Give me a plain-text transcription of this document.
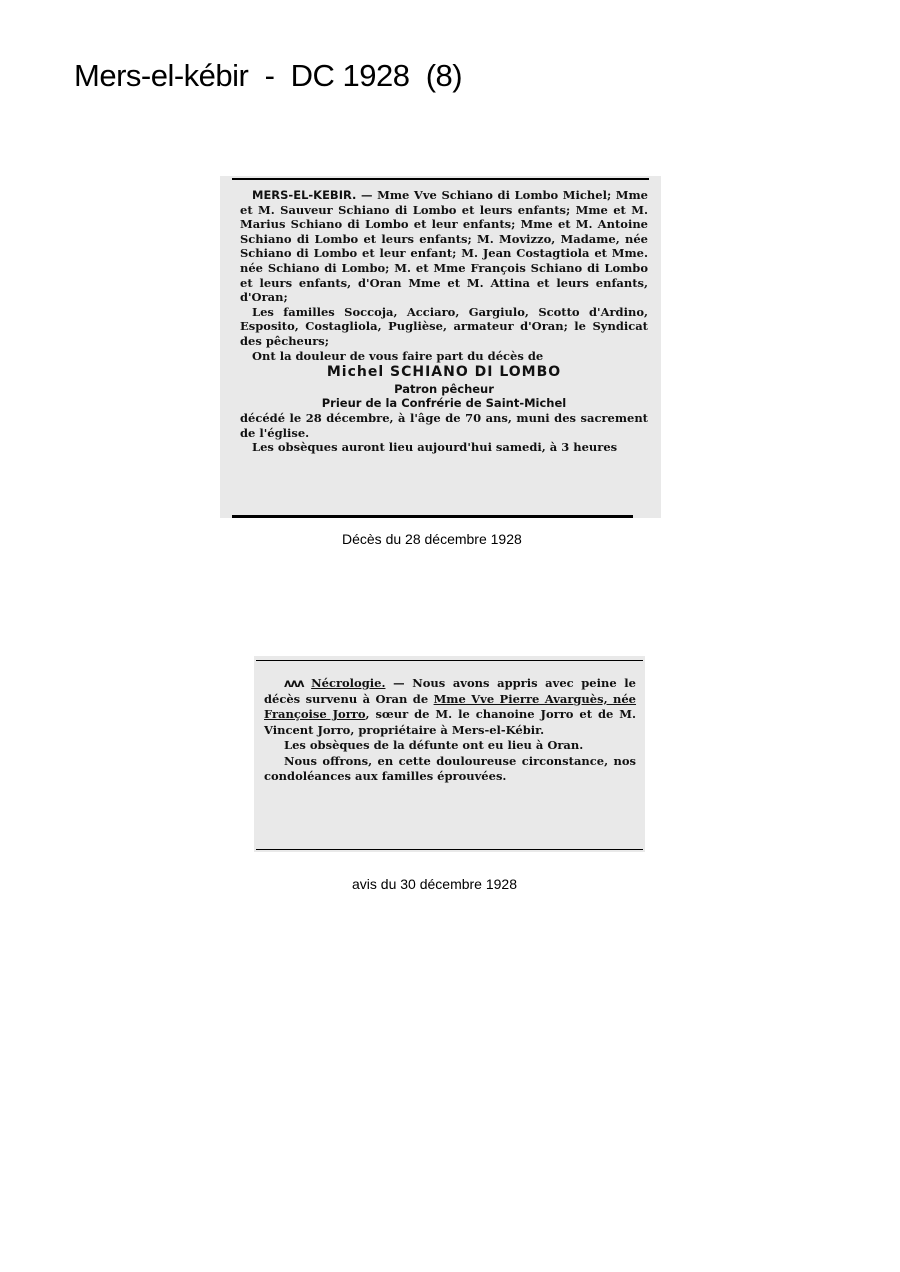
Mers-el-kébir  -  DC 1928  (8)

MERS-EL-KEBIR. — Mme Vve Schiano di Lombo Michel; Mme et M. Sauveur Schiano di Lombo et leurs enfants; Mme et M. Marius Schiano di Lombo et leur enfants; Mme et M. Antoine Schiano di Lombo et leurs enfants; M. Movizzo, Madame, née Schiano di Lombo et leur enfant; M. Jean Costagtiola et Mme. née Schiano di Lombo; M. et Mme François Schiano di Lombo et leurs enfants, d'Oran Mme et M. Attina et leurs enfants, d'Oran;

Les familles Soccoja, Acciaro, Gargiulo, Scotto d'Ardino, Esposito, Costagliola, Puglièse, armateur d'Oran; le Syndicat des pêcheurs;

Ont la douleur de vous faire part du décès de

Michel SCHIANO DI LOMBO

Patron pêcheur

Prieur de la Confrérie de Saint-Michel

décédé le 28 décembre, à l'âge de 70 ans, muni des sacrement de l'église.

Les obsèques auront lieu aujourd'hui samedi, à 3 heures

Décès du 28 décembre 1928

ʌʌʌ Nécrologie. — Nous avons appris avec peine le décès survenu à Oran de Mme Vve Pierre Avarguès, née Françoise Jorro, sœur de M. le chanoine Jorro et de M. Vincent Jorro, propriétaire à Mers-el-Kébir.

Les obsèques de la défunte ont eu lieu à Oran.

Nous offrons, en cette douloureuse circonstance, nos condoléances aux familles éprouvées.

avis du 30 décembre 1928
